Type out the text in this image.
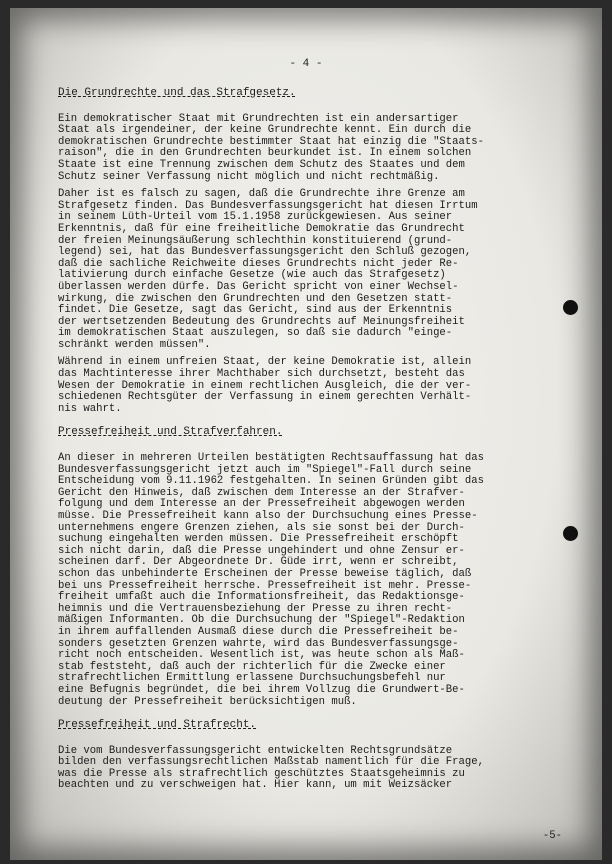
- 4 -
Die Grundrechte und das Strafgesetz.
Ein demokratischer Staat mit Grundrechten ist ein andersartiger
Staat als irgendeiner, der keine Grundrechte kennt. Ein durch die
demokratischen Grundrechte bestimmter Staat hat einzig die "Staats-
raison", die in den Grundrechten beurkundet ist. In einem solchen
Staate ist eine Trennung zwischen dem Schutz des Staates und dem
Schutz seiner Verfassung nicht möglich und nicht rechtmäßig.
Daher ist es falsch zu sagen, daß die Grundrechte ihre Grenze am
Strafgesetz finden. Das Bundesverfassungsgericht hat diesen Irrtum
in seinem Lüth-Urteil vom 15.1.1958 zurückgewiesen. Aus seiner
Erkenntnis, daß für eine freiheitliche Demokratie das Grundrecht
der freien Meinungsäußerung schlechthin konstituierend (grund-
legend) sei, hat das Bundesverfassungsgericht den Schluß gezogen,
daß die sachliche Reichweite dieses Grundrechts nicht jeder Re-
lativierung durch einfache Gesetze (wie auch das Strafgesetz)
überlassen werden dürfe. Das Gericht spricht von einer Wechsel-
wirkung, die zwischen den Grundrechten und den Gesetzen statt-
findet. Die Gesetze, sagt das Gericht, sind aus der Erkenntnis
der wertsetzenden Bedeutung des Grundrechts auf Meinungsfreiheit
im demokratischen Staat auszulegen, so daß sie dadurch "einge-
schränkt werden müssen".
Während in einem unfreien Staat, der keine Demokratie ist, allein
das Machtinteresse ihrer Machthaber sich durchsetzt, besteht das
Wesen der Demokratie in einem rechtlichen Ausgleich, die der ver-
schiedenen Rechtsgüter der Verfassung in einem gerechten Verhält-
nis wahrt.
Pressefreiheit und Strafverfahren.
An dieser in mehreren Urteilen bestätigten Rechtsauffassung hat das
Bundesverfassungsgericht jetzt auch im "Spiegel"-Fall durch seine
Entscheidung vom 9.11.1962 festgehalten. In seinen Gründen gibt das
Gericht den Hinweis, daß zwischen dem Interesse an der Strafver-
folgung und dem Interesse an der Pressefreiheit abgewogen werden
müsse. Die Pressefreiheit kann also der Durchsuchung eines Presse-
unternehmens engere Grenzen ziehen, als sie sonst bei der Durch-
suchung eingehalten werden müssen. Die Pressefreiheit erschöpft
sich nicht darin, daß die Presse ungehindert und ohne Zensur er-
scheinen darf. Der Abgeordnete Dr. Güde irrt, wenn er schreibt,
schon das unbehinderte Erscheinen der Presse beweise täglich, daß
bei uns Pressefreiheit herrsche. Pressefreiheit ist mehr. Presse-
freiheit umfaßt auch die Informationsfreiheit, das Redaktionsge-
heimnis und die Vertrauensbeziehung der Presse zu ihren recht-
mäßigen Informanten. Ob die Durchsuchung der "Spiegel"-Redaktion
in ihrem auffallenden Ausmaß diese durch die Pressefreiheit be-
sonders gesetzten Grenzen wahrte, wird das Bundesverfassungsge-
richt noch entscheiden. Wesentlich ist, was heute schon als Maß-
stab feststeht, daß auch der richterlich für die Zwecke einer
strafrechtlichen Ermittlung erlassene Durchsuchungsbefehl nur
eine Befugnis begründet, die bei ihrem Vollzug die Grundwert-Be-
deutung der Pressefreiheit berücksichtigen muß.
Pressefreiheit und Strafrecht.
Die vom Bundesverfassungsgericht entwickelten Rechtsgrundsätze
bilden den verfassungsrechtlichen Maßstab namentlich für die Frage,
was die Presse als strafrechtlich geschütztes Staatsgeheimnis zu
beachten und zu verschweigen hat. Hier kann, um mit Weizsäcker
-5-
